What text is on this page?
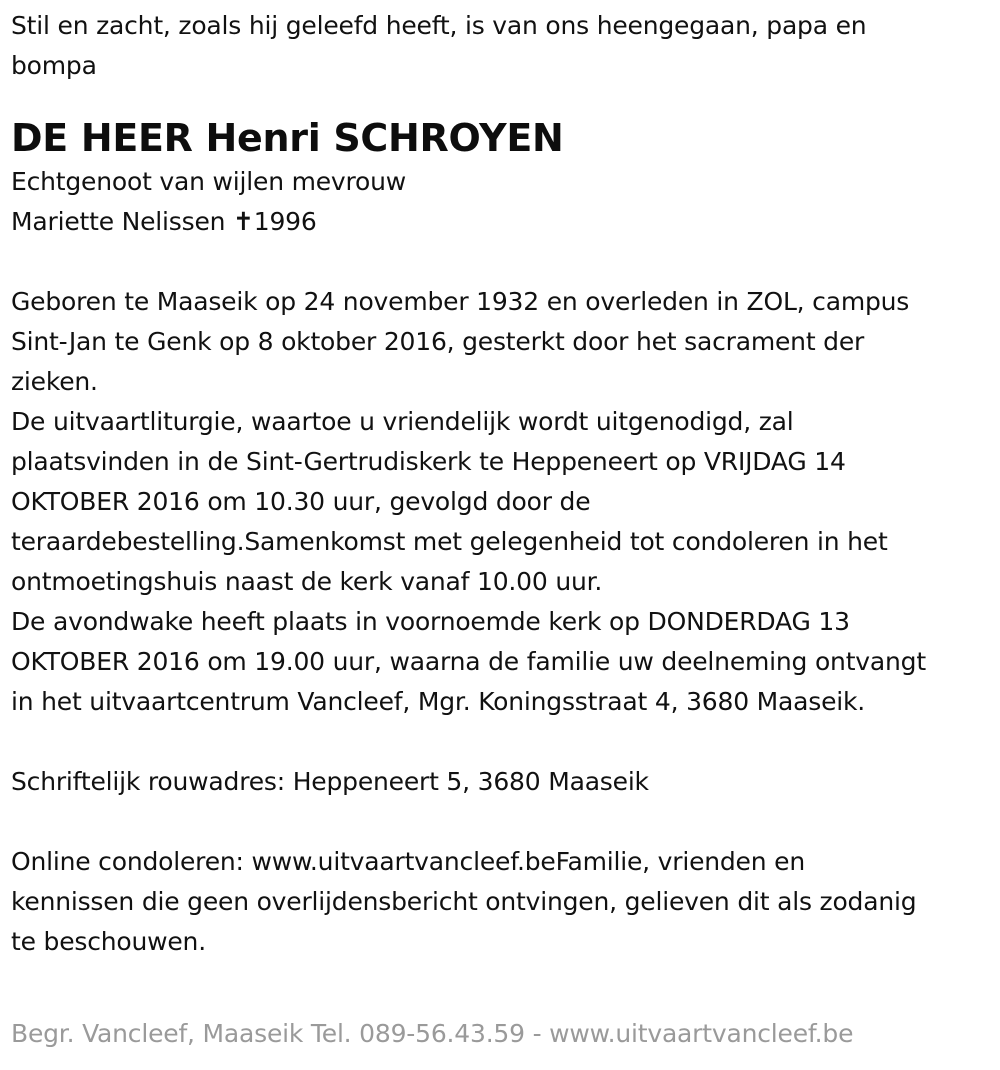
Stil en zacht, zoals hij geleefd heeft, is van ons heengegaan, papa en
bompa
DE HEER Henri SCHROYEN
Echtgenoot van wijlen mevrouw
Mariette Nelissen ✝1996
Geboren te Maaseik op 24 november 1932 en overleden in ZOL, campus
Sint-Jan te Genk op 8 oktober 2016, gesterkt door het sacrament der
zieken.
De uitvaartliturgie, waartoe u vriendelijk wordt uitgenodigd, zal
plaatsvinden in de Sint-Gertrudiskerk te Heppeneert op VRIJDAG 14
OKTOBER 2016 om 10.30 uur, gevolgd door de
teraardebestelling.Samenkomst met gelegenheid tot condoleren in het
ontmoetingshuis naast de kerk vanaf 10.00 uur.
De avondwake heeft plaats in voornoemde kerk op DONDERDAG 13
OKTOBER 2016 om 19.00 uur, waarna de familie uw deelneming ontvangt
in het uitvaartcentrum Vancleef, Mgr. Koningsstraat 4, 3680 Maaseik.
Schriftelijk rouwadres: Heppeneert 5, 3680 Maaseik
Online condoleren: www.uitvaartvancleef.beFamilie, vrienden en
kennissen die geen overlijdensbericht ontvingen, gelieven dit als zodanig
te beschouwen.
Begr. Vancleef, Maaseik Tel. 089-56.43.59 - www.uitvaartvancleef.be
